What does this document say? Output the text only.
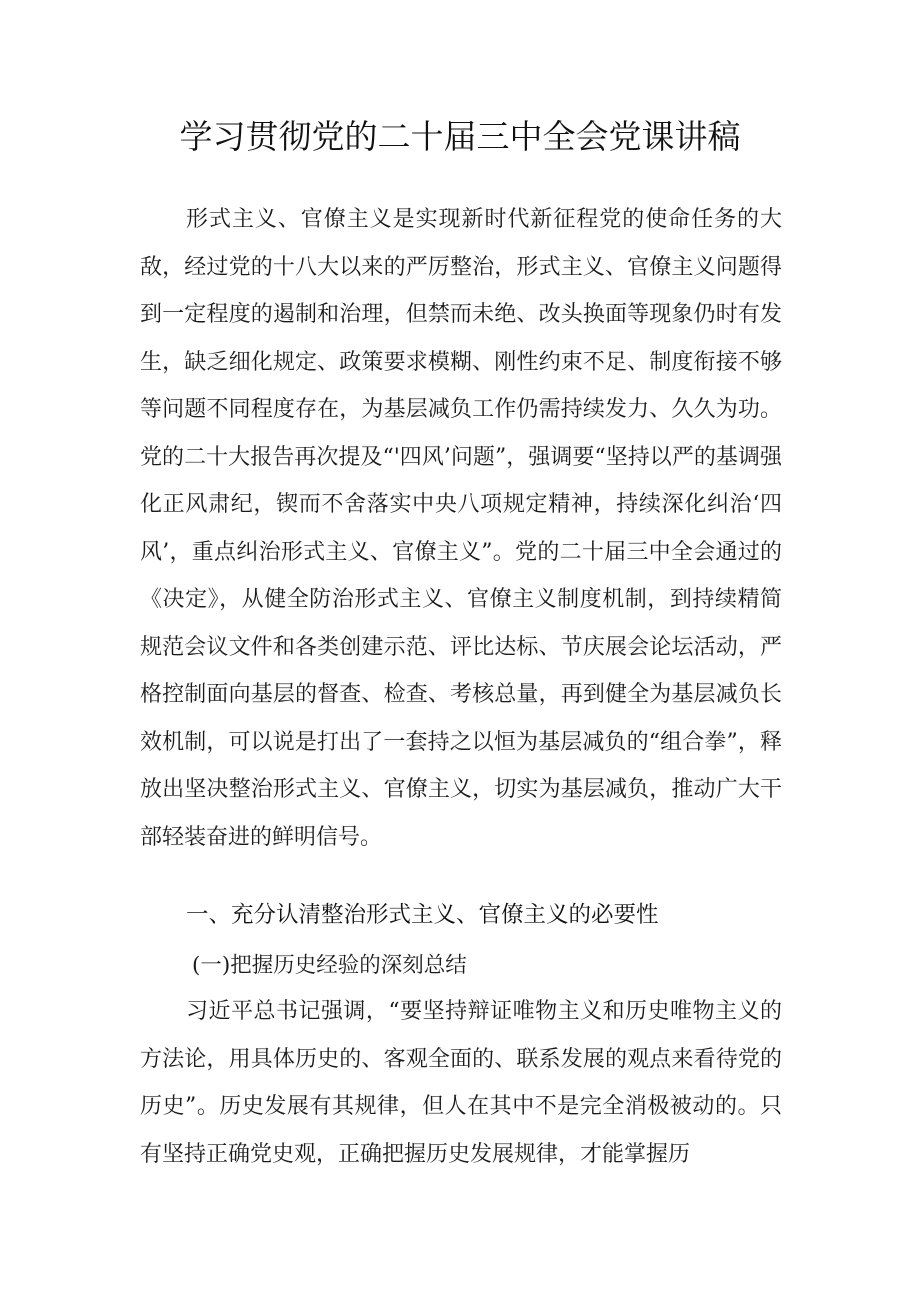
学习贯彻党的二十届三中全会党课讲稿

形式主义、官僚主义是实现新时代新征程党的使命任务的大敌，经过党的十八大以来的严厉整治，形式主义、官僚主义问题得到一定程度的遏制和治理，但禁而未绝、改头换面等现象仍时有发生，缺乏细化规定、政策要求模糊、刚性约束不足、制度衔接不够等问题不同程度存在，为基层减负工作仍需持续发力、久久为功。党的二十大报告再次提及“'四风’问题”，强调要“坚持以严的基调强化正风肃纪，锲而不舍落实中央八项规定精神，持续深化纠治‘四风’，重点纠治形式主义、官僚主义”。党的二十届三中全会通过的《决定》，从健全防治形式主义、官僚主义制度机制，到持续精简规范会议文件和各类创建示范、评比达标、节庆展会论坛活动，严格控制面向基层的督查、检查、考核总量，再到健全为基层减负长效机制，可以说是打出了一套持之以恒为基层减负的“组合拳”，释放出坚决整治形式主义、官僚主义，切实为基层减负，推动广大干部轻装奋进的鲜明信号。

一、充分认清整治形式主义、官僚主义的必要性
(一)把握历史经验的深刻总结

习近平总书记强调，“要坚持辩证唯物主义和历史唯物主义的方法论，用具体历史的、客观全面的、联系发展的观点来看待党的历史”。历史发展有其规律，但人在其中不是完全消极被动的。只有坚持正确党史观，正确把握历史发展规律，才能掌握历
